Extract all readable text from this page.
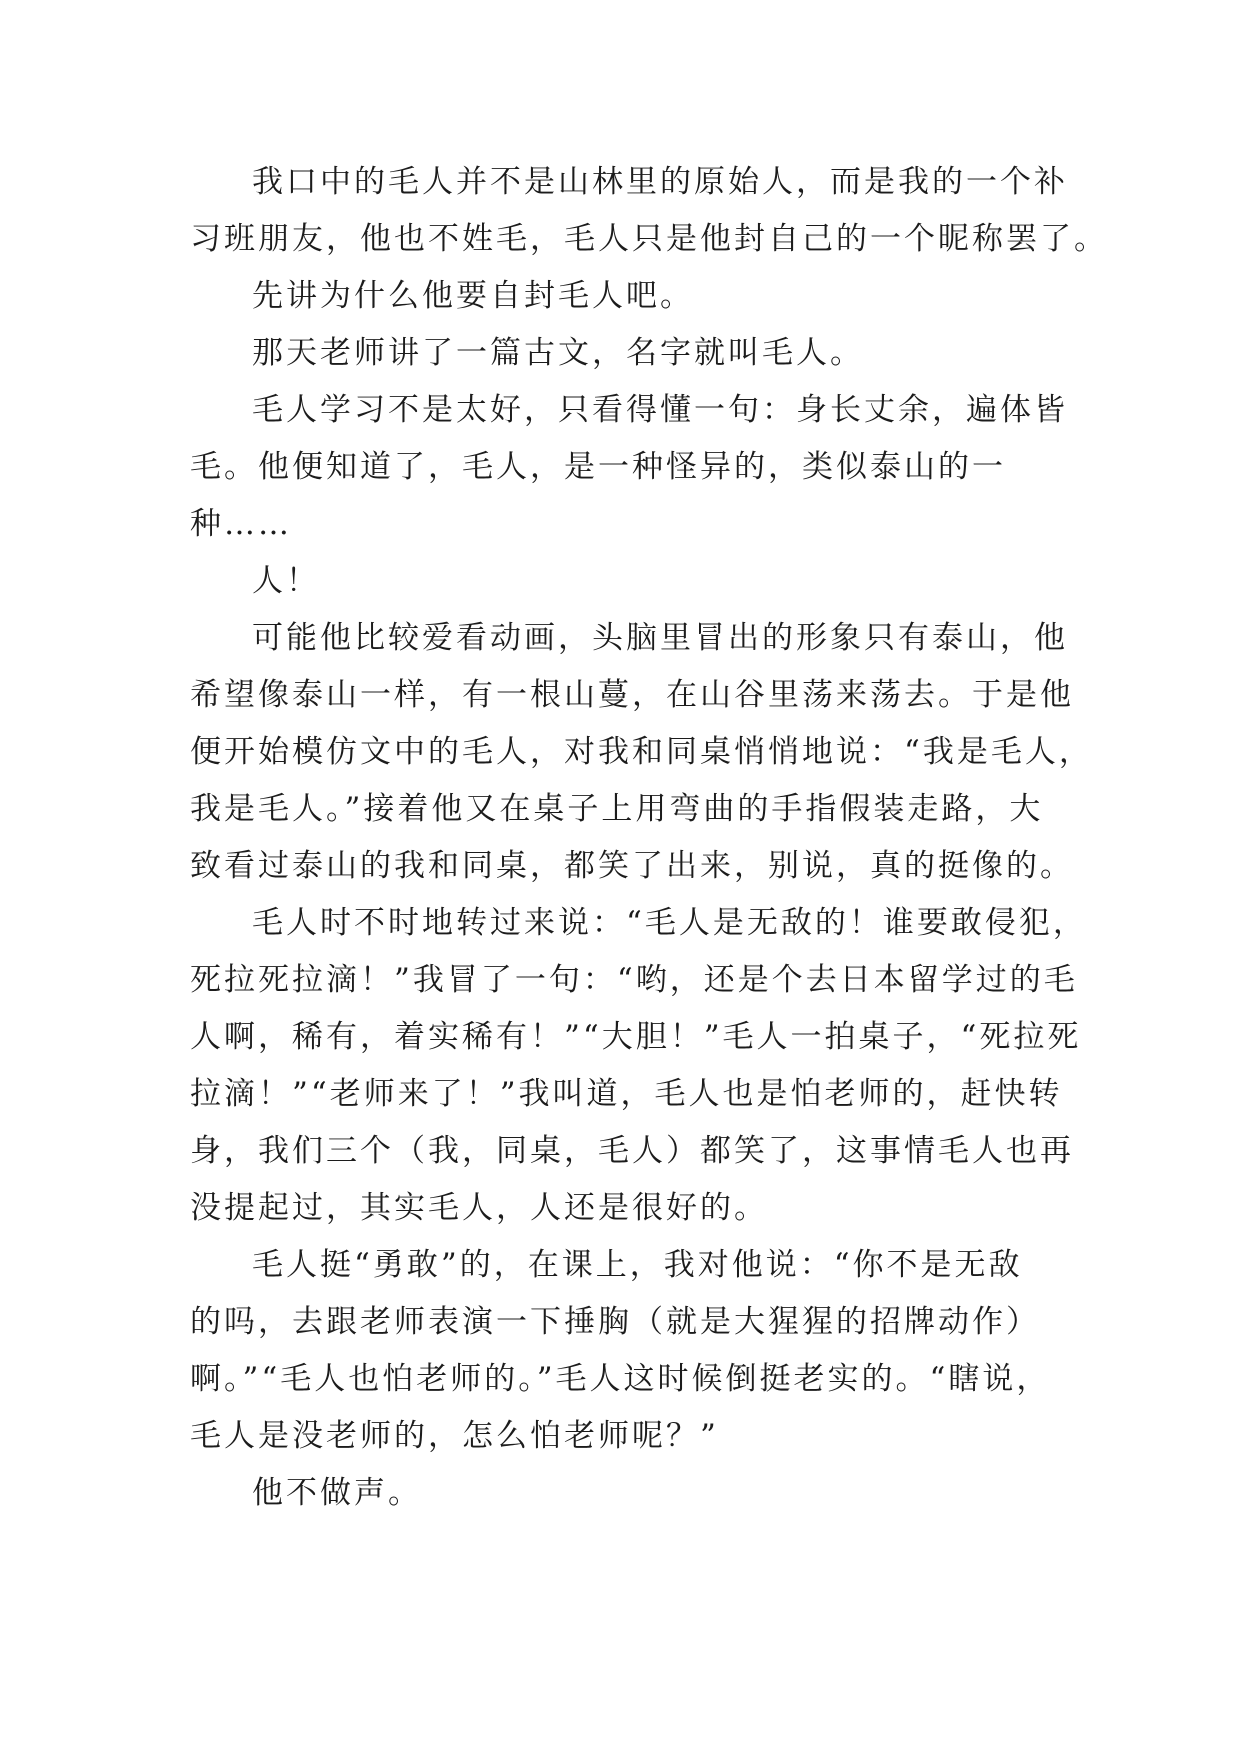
我口中的毛人并不是山林里的原始人，而是我的一个补
习班朋友，他也不姓毛，毛人只是他封自己的一个昵称罢了。

先讲为什么他要自封毛人吧。

那天老师讲了一篇古文，名字就叫毛人。

毛人学习不是太好，只看得懂一句：身长丈余，遍体皆
毛。他便知道了，毛人，是一种怪异的，类似泰山的一
种……

人！

可能他比较爱看动画，头脑里冒出的形象只有泰山，他
希望像泰山一样，有一根山蔓，在山谷里荡来荡去。于是他
便开始模仿文中的毛人，对我和同桌悄悄地说：“我是毛人，
我是毛人。”接着他又在桌子上用弯曲的手指假装走路，大
致看过泰山的我和同桌，都笑了出来，别说，真的挺像的。

毛人时不时地转过来说：“毛人是无敌的！谁要敢侵犯，
死拉死拉滴！”我冒了一句：“哟，还是个去日本留学过的毛
人啊，稀有，着实稀有！”“大胆！”毛人一拍桌子，“死拉死
拉滴！”“老师来了！”我叫道，毛人也是怕老师的，赶快转
身，我们三个（我，同桌，毛人）都笑了，这事情毛人也再
没提起过，其实毛人，人还是很好的。

毛人挺“勇敢”的，在课上，我对他说：“你不是无敌
的吗，去跟老师表演一下捶胸（就是大猩猩的招牌动作）
啊。”“毛人也怕老师的。”毛人这时候倒挺老实的。“瞎说，
毛人是没老师的，怎么怕老师呢？”

他不做声。
